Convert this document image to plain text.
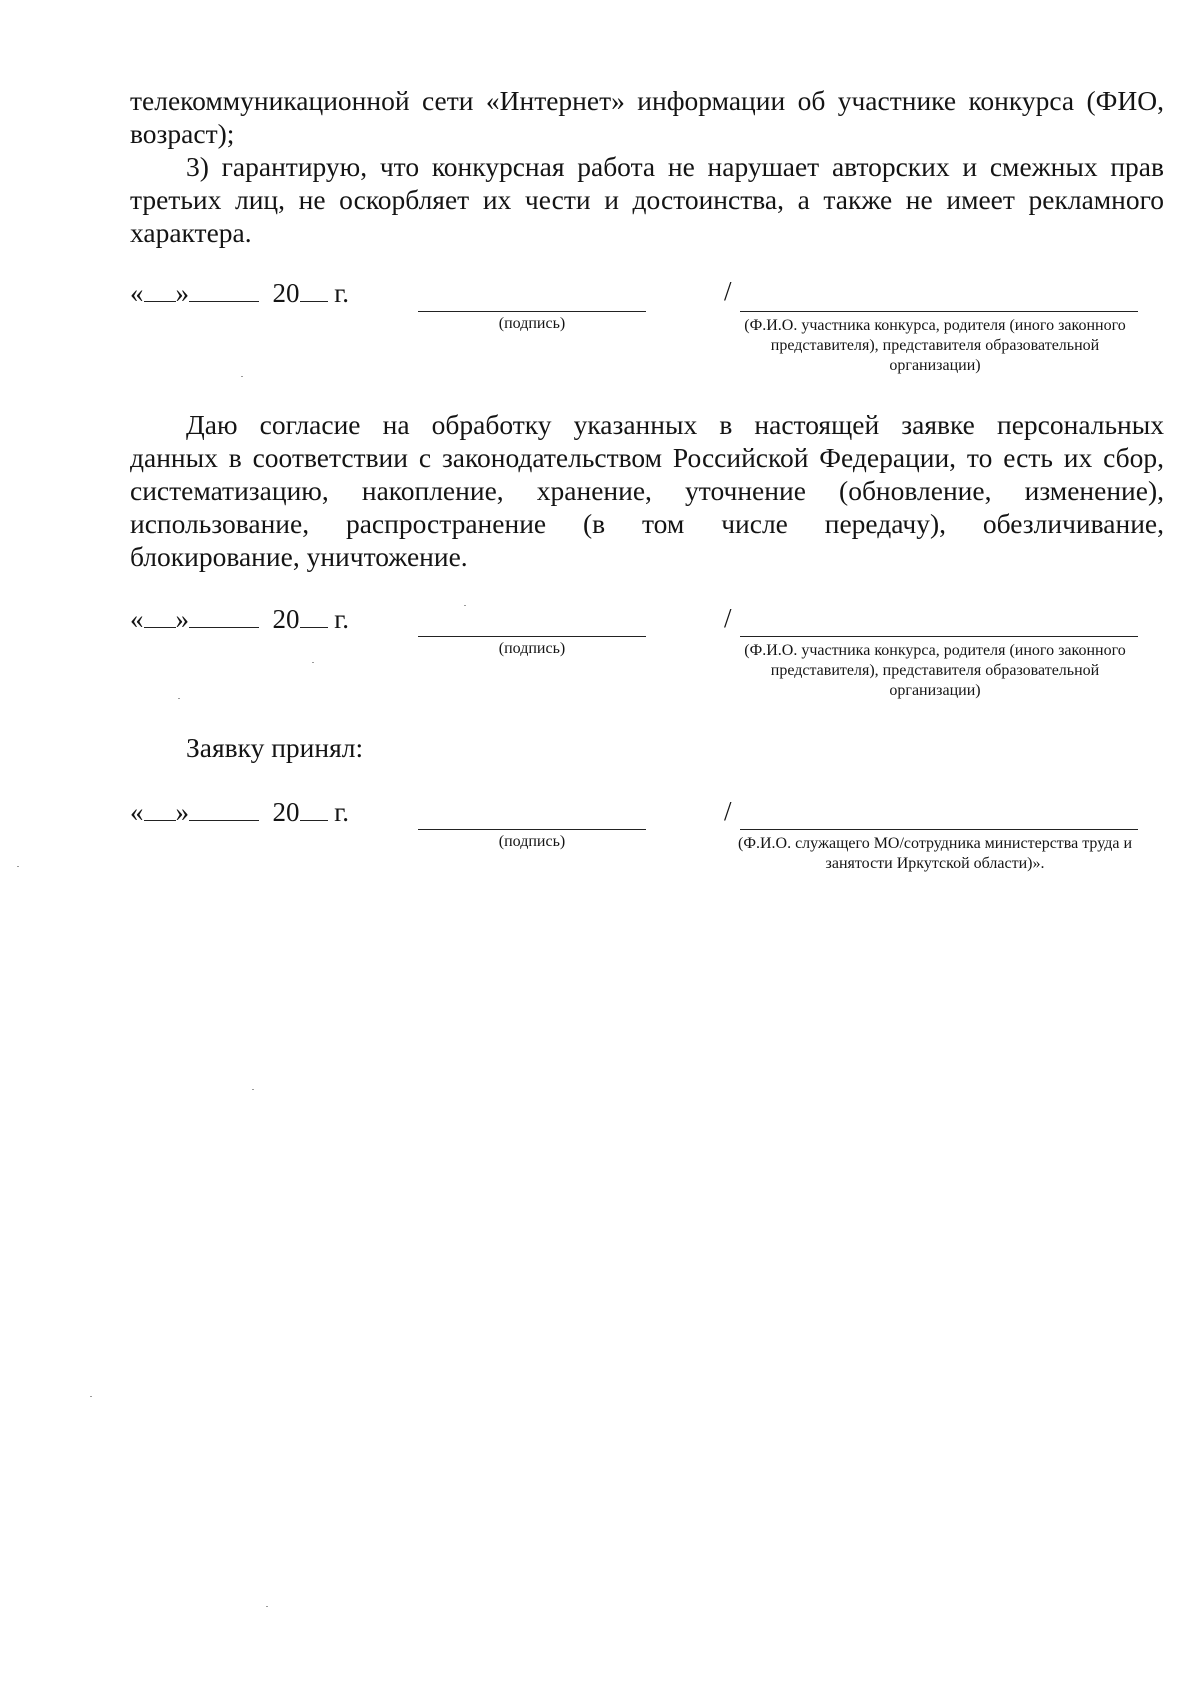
телекоммуникационной сети «Интернет» информации об участнике конкурса (ФИО,
возраст);
3) гарантирую, что конкурсная работа не нарушает авторских и смежных прав
третьих лиц, не оскорбляет их чести и достоинства, а также не имеет рекламного
характера.
« »	20 г.
(подпись)
/
(Ф.И.О. участника конкурса, родителя (иного законного
представителя), представителя образовательной
организации)
Даю согласие на обработку указанных в настоящей заявке персональных
данных в соответствии с законодательством Российской Федерации, то есть их сбор,
систематизацию, накопление, хранение, уточнение (обновление, изменение),
использование, распространение (в том числе передачу), обезличивание,
блокирование, уничтожение.
« »	20 г.
(подпись)
/
(Ф.И.О. участника конкурса, родителя (иного законного
представителя), представителя образовательной
организации)
Заявку принял:
« »	20 г.
(подпись)
/
(Ф.И.О. служащего МО/сотрудника министерства труда и
занятости Иркутской области)».
